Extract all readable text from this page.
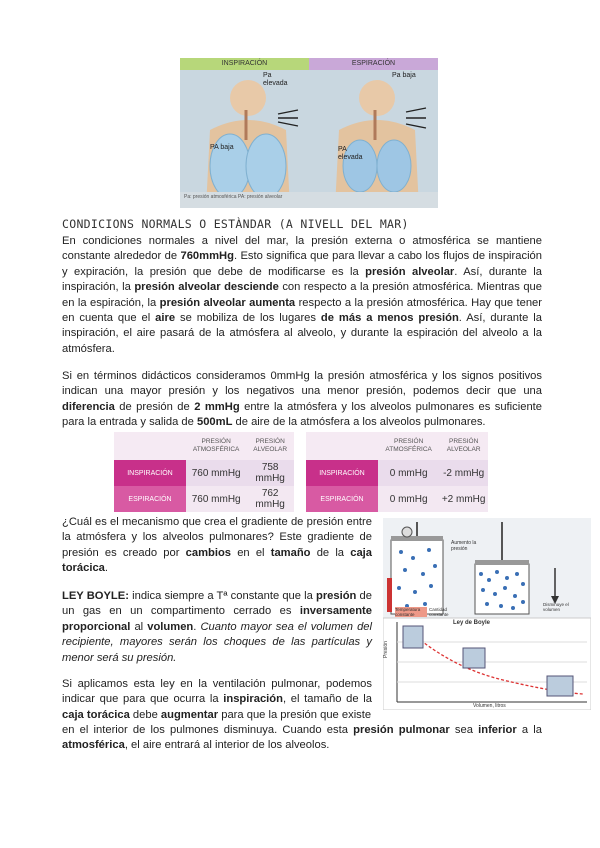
INSPIRACIÓN	ESPIRACIÓN
Pa elevada
PA baja
Pa baja
PA elevada
Pa: presión atmosférica PA: presión alveolar
CONDICIONS NORMALS O ESTÀNDAR (A NIVELL DEL MAR)
En condiciones normales a nivel del mar, la presión externa o atmosférica se mantiene constante alrededor de 760mmHg. Esto significa que para llevar a cabo los flujos de inspiración y expiración, la presión que debe de modificarse es la presión alveolar. Así, durante la inspiración, la presión alveolar desciende con respecto a la presión atmosférica. Mientras que en la espiración, la presión alveolar aumenta respecto a la presión atmosférica. Hay que tener en cuenta que el aire se mobiliza de los lugares de más a menos presión. Así, durante la inspiración, el aire pasará de la atmósfera al alveolo, y durante la espiración del alveolo a la atmósfera.
Si en términos didácticos consideramos 0mmHg la presión atmosférica y los signos positivos indican una mayor presión y los negativos una menor presión, podemos decir que una diferencia de presión de 2 mmHg entre la atmósfera y los alveolos pulmonares es suficiente para la entrada y salida de 500mL de aire de la atmósfera a los alveolos pulmonares.
	PRESIÓN ATMOSFÉRICA	PRESIÓN ALVEOLAR
INSPIRACIÓN	760 mmHg	758 mmHg
ESPIRACIÓN	760 mmHg	762 mmHg
	PRESIÓN ATMOSFÉRICA	PRESIÓN ALVEOLAR
INSPIRACIÓN	0 mmHg	-2 mmHg
ESPIRACIÓN	0 mmHg	+2 mmHg
¿Cuál es el mecanismo que crea el gradiente de presión entre la atmósfera y los alveolos pulmonares? Este gradiente de presión es creado por cambios en el tamaño de la caja torácica.
LEY BOYLE: indica siempre a Tª constante que la presión de un gas en un compartimento cerrado es inversamente proporcional al volumen. Cuanto mayor sea el volumen del recipiente, mayores serán los choques de las partículas y menor será su presión.
Si aplicamos esta ley en la ventilación pulmonar, podemos indicar que para que ocurra la inspiración, el tamaño de la caja torácica debe augmentar para que la presión que existe
en el interior de los pulmones disminuya. Cuando esta presión pulmonar sea inferior a la atmosférica, el aire entrará al interior de los alveolos.
Aumento la presión
Temperatura constante
Cantidad constante
Disminuye el volumen
Ley de Boyle
Volumen, litros
Presión
